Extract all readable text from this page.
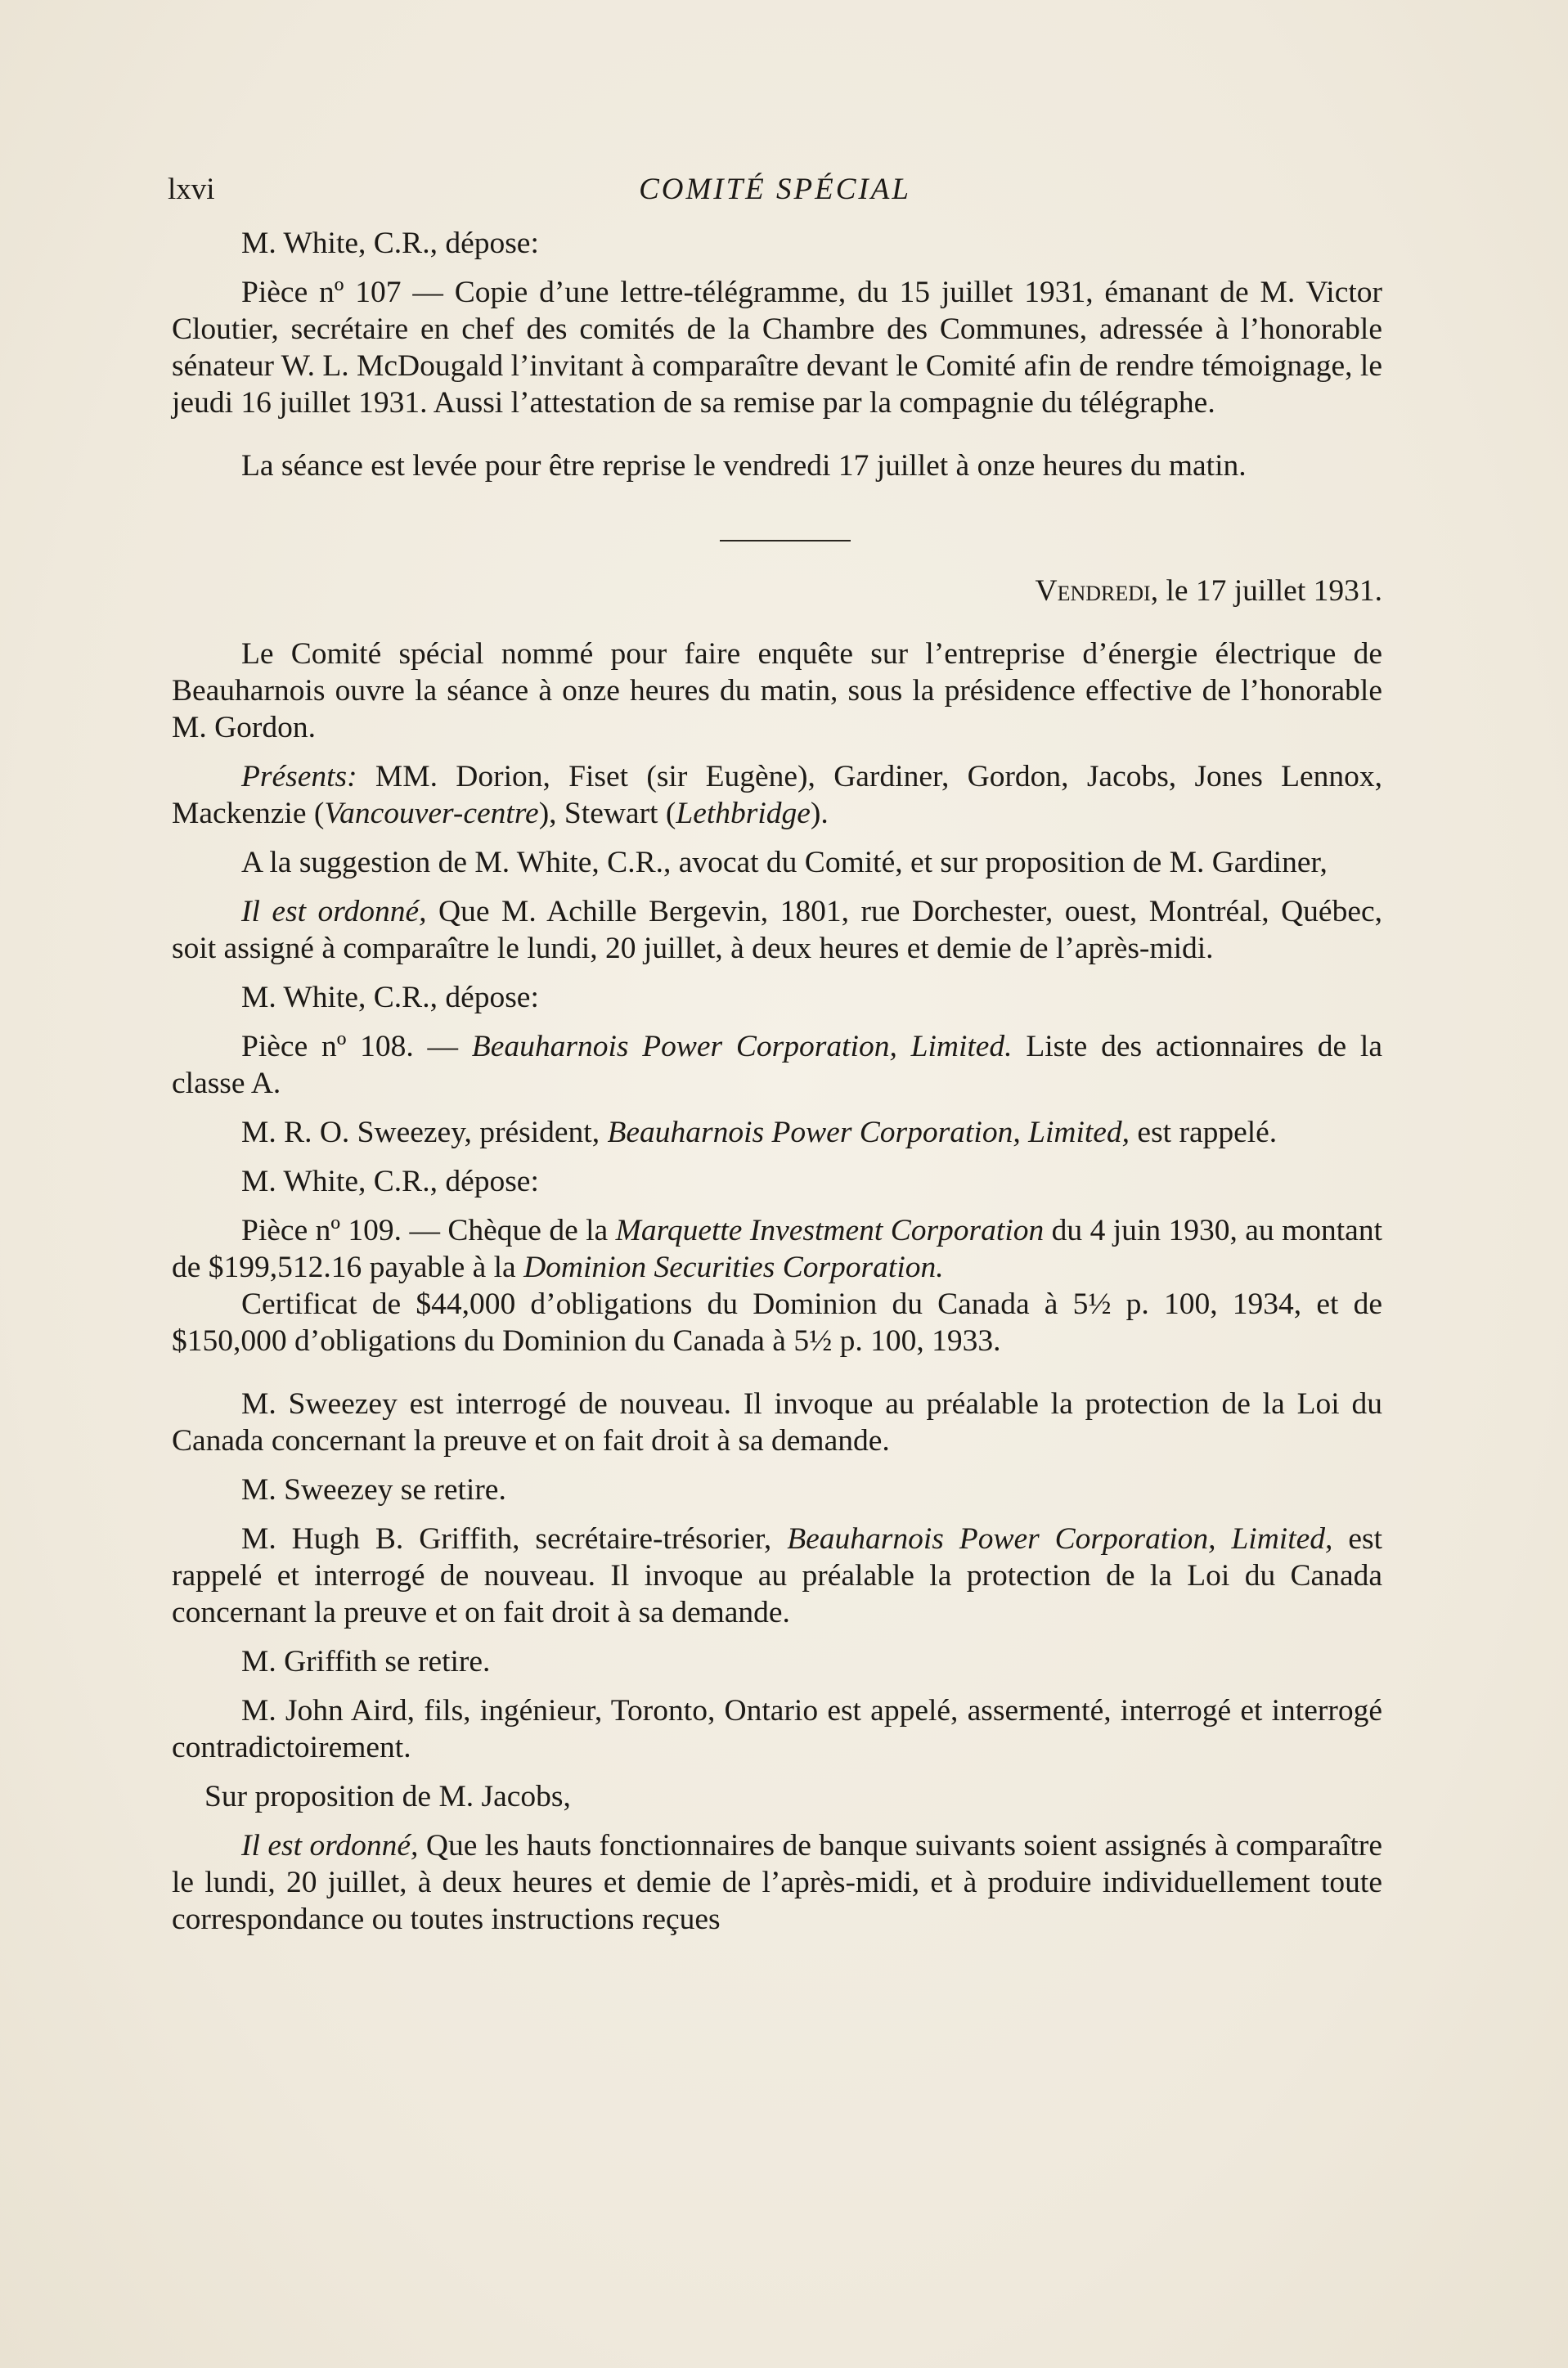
lxvi	COMITÉ SPÉCIAL

M. White, C.R., dépose:

Pièce nº 107 — Copie d’une lettre-télégramme, du 15 juillet 1931, émanant de M. Victor Cloutier, secrétaire en chef des comités de la Chambre des Communes, adressée à l’honorable sénateur W. L. McDougald l’invitant à comparaître devant le Comité afin de rendre témoignage, le jeudi 16 juillet 1931. Aussi l’attestation de sa remise par la compagnie du télégraphe.

La séance est levée pour être reprise le vendredi 17 juillet à onze heures du matin.

Vendredi, le 17 juillet 1931.

Le Comité spécial nommé pour faire enquête sur l’entreprise d’énergie électrique de Beauharnois ouvre la séance à onze heures du matin, sous la présidence effective de l’honorable M. Gordon.

Présents: MM. Dorion, Fiset (sir Eugène), Gardiner, Gordon, Jacobs, Jones Lennox, Mackenzie (Vancouver-centre), Stewart (Lethbridge).

A la suggestion de M. White, C.R., avocat du Comité, et sur proposition de M. Gardiner,

Il est ordonné, Que M. Achille Bergevin, 1801, rue Dorchester, ouest, Montréal, Québec, soit assigné à comparaître le lundi, 20 juillet, à deux heures et demie de l’après-midi.

M. White, C.R., dépose:

Pièce nº 108. — Beauharnois Power Corporation, Limited. Liste des actionnaires de la classe A.

M. R. O. Sweezey, président, Beauharnois Power Corporation, Limited, est rappelé.

M. White, C.R., dépose:

Pièce nº 109. — Chèque de la Marquette Investment Corporation du 4 juin 1930, au montant de $199,512.16 payable à la Dominion Securities Corporation.

Certificat de $44,000 d’obligations du Dominion du Canada à 5½ p. 100, 1934, et de $150,000 d’obligations du Dominion du Canada à 5½ p. 100, 1933.

M. Sweezey est interrogé de nouveau. Il invoque au préalable la protection de la Loi du Canada concernant la preuve et on fait droit à sa demande.

M. Sweezey se retire.

M. Hugh B. Griffith, secrétaire-trésorier, Beauharnois Power Corporation, Limited, est rappelé et interrogé de nouveau. Il invoque au préalable la protection de la Loi du Canada concernant la preuve et on fait droit à sa demande.

M. Griffith se retire.

M. John Aird, fils, ingénieur, Toronto, Ontario est appelé, assermenté, interrogé et interrogé contradictoirement.

Sur proposition de M. Jacobs,

Il est ordonné, Que les hauts fonctionnaires de banque suivants soient assignés à comparaître le lundi, 20 juillet, à deux heures et demie de l’après-midi, et à produire individuellement toute correspondance ou toutes instructions reçues
